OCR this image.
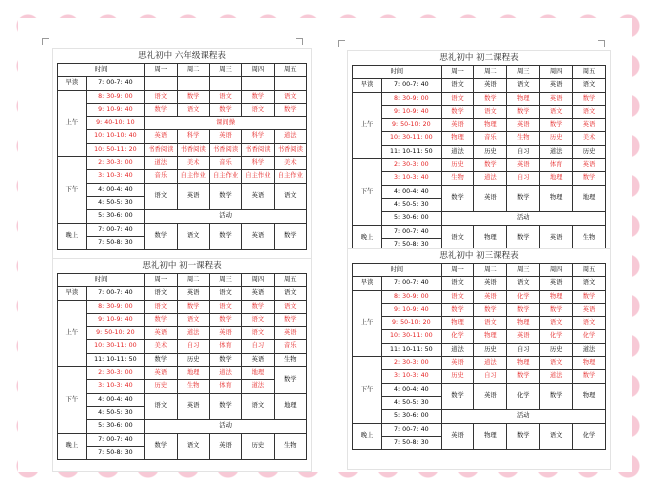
思礼初中 六年级课程表
时间		周一	周二	周三	周四	周五
早读	7: 00-7: 40					
上午	8: 30-9: 00	语文	数学	语文	数学	语文
	9: 10-9: 40	数学	语文	数学	语文	数学
	9: 40-10: 10	课间操				
	10: 10-10: 40	英语	科学	英语	科学	道法
	10: 50-11: 20	书香阅读	书香阅读	书香阅读	书香阅读	书香阅读
下午	2: 30-3: 00	道法	美术	音乐	科学	美术
	3: 10-3: 40	音乐	自主作业	自主作业	自主作业	自主作业
	4: 00-4: 40	语文	英语	数学	英语	语文
	4: 50-5: 30					
	5: 30-6: 00	活动				
晚上	7: 00-7: 40	数学	语文	数学	英语	数学
	7: 50-8: 30					
思礼初中 初一课程表
时间		周一	周二	周三	周四	周五
早读	7: 00-7: 40	语文	英语	语文	英语	语文
上午	8: 30-9: 00	语文	数学	语文	数学	语文
	9: 10-9: 40	数学	语文	数学	语文	数学
	9: 50-10: 20	英语	道法	英语	语文	英语
	10: 30-11: 00	美术	自习	体育	自习	音乐
	11: 10-11: 50	数学	历史	数学	英语	生物
下午	2: 30-3: 00	英语	地理	道法	地理	数学
	3: 10-3: 40	历史	生物	体育	道法	
	4: 00-4: 40	语文	英语	数学	语文	地理
	4: 50-5: 30					
	5: 30-6: 00	活动				
晚上	7: 00-7: 40	数学	语文	英语	历史	生物
	7: 50-8: 30					
思礼初中 初二课程表
时间		周一	周二	周三	周四	周五
早读	7: 00-7: 40	语文	英语	语文	英语	语文
上午	8: 30-9: 00	语文	数学	物理	英语	数学
	9: 10-9: 40	数学	语文	数学	语文	语文
	9: 50-10: 20	英语	物理	英语	数学	英语
	10: 30-11: 00	物理	音乐	生物	历史	美术
	11: 10-11: 50	道法	历史	自习	道法	历史
下午	2: 30-3: 00	历史	数学	英语	体育	英语
	3: 10-3: 40	生物	道法	自习	地理	数学
	4: 00-4: 40	数学	英语	数学	物理	地理
	4: 50-5: 30					
	5: 30-6: 00	活动				
晚上	7: 00-7: 40	语文	物理	数学	英语	生物
	7: 50-8: 30					
思礼初中 初三课程表
时间		周一	周二	周三	周四	周五
早读	7: 00-7: 40	语文	英语	语文	英语	语文
上午	8: 30-9: 00	语文	英语	化学	物理	数学
	9: 10-9: 40	数学	数学	数学	数学	英语
	9: 50-10: 20	物理	语文	物理	语文	语文
	10: 30-11: 00	化学	物理	英语	化学	化学
	11: 10-11: 50	道法	历史	自习	历史	道法
下午	2: 30-3: 00	英语	道法	物理	语文	物理
	3: 10-3: 40	历史	自习	数学	道法	数学
	4: 00-4: 40	数学	英语	化学	数学	物理
	4: 50-5: 30					
	5: 30-6: 00	活动				
晚上	7: 00-7: 40	英语	物理	数学	语文	化学
	7: 50-8: 30					
